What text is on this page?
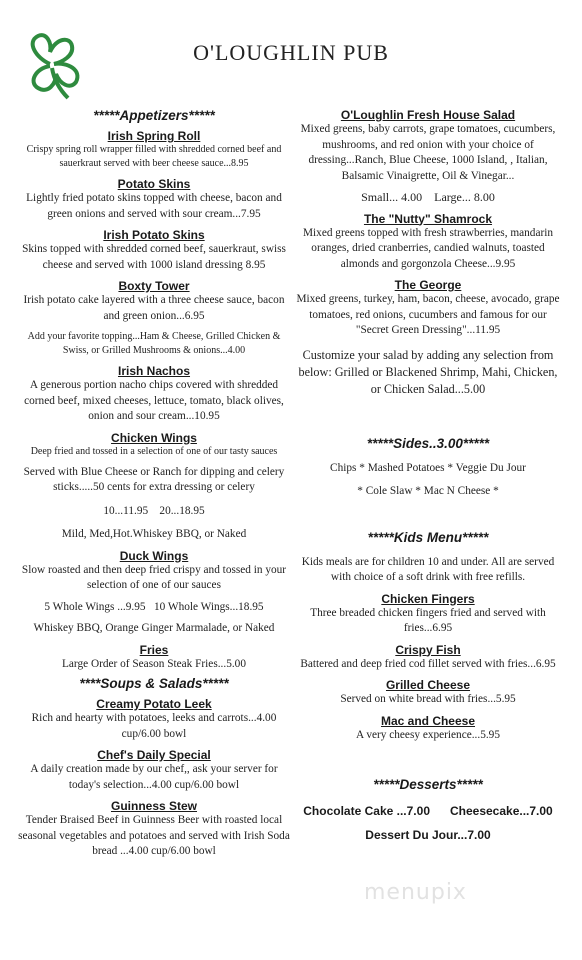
O'LOUGHLIN PUB
*****Appetizers*****
Irish Spring Roll
Crispy spring roll wrapper filled with shredded corned beef and sauerkraut served with beer cheese sauce...8.95
Potato Skins
Lightly fried potato skins topped with cheese, bacon and green onions and served with sour cream...7.95
Irish Potato Skins
Skins topped with shredded corned beef, sauerkraut, swiss cheese and served with 1000 island dressing 8.95
Boxty Tower
Irish potato cake layered with a three cheese sauce, bacon and green onion...6.95
Add your favorite topping...Ham & Cheese, Grilled Chicken & Swiss, or Grilled Mushrooms & onions...4.00
Irish Nachos
A generous portion nacho chips covered with shredded corned beef, mixed cheeses, lettuce, tomato, black olives, onion and sour cream...10.95
Chicken Wings
Deep fried and tossed in a selection of one of our tasty sauces
Served with Blue Cheese or Ranch for dipping and celery sticks.....50 cents for extra dressing or celery
10...11.95    20...18.95
Mild, Med,Hot.Whiskey BBQ, or Naked
Duck Wings
Slow roasted and then deep fried crispy and tossed in your selection of one of our sauces
5 Whole Wings ...9.95   10 Whole Wings...18.95
Whiskey BBQ, Orange Ginger Marmalade, or Naked
Fries
Large Order of Season Steak Fries...5.00
****Soups & Salads*****
Creamy Potato Leek
Rich and hearty with potatoes, leeks and carrots...4.00 cup/6.00 bowl
Chef's Daily Special
A daily creation made by our chef,, ask your server for today's selection...4.00 cup/6.00 bowl
Guinness Stew
Tender Braised Beef in Guinness Beer with roasted local seasonal vegetables and potatoes and served with Irish Soda bread ...4.00 cup/6.00 bowl
O'Loughlin Fresh House Salad
Mixed greens, baby carrots, grape tomatoes, cucumbers, mushrooms, and red onion with your choice of dressing...Ranch, Blue Cheese, 1000 Island, , Italian, Balsamic Vinaigrette, Oil & Vinegar...
Small... 4.00    Large... 8.00
The "Nutty" Shamrock
Mixed greens topped with fresh strawberries, mandarin oranges, dried cranberries, candied walnuts, toasted almonds and gorgonzola Cheese...9.95
The George
Mixed greens, turkey, ham, bacon, cheese, avocado, grape tomatoes, red onions, cucumbers and famous for our "Secret Green Dressing"...11.95
Customize your salad by adding any selection from below: Grilled or Blackened Shrimp, Mahi, Chicken, or Chicken Salad...5.00
*****Sides..3.00*****
Chips * Mashed Potatoes * Veggie Du Jour
* Cole Slaw * Mac N Cheese *
*****Kids Menu*****
Kids meals are for children 10 and under. All are served with choice of a soft drink with free refills.
Chicken Fingers
Three breaded chicken fingers fried and served with fries...6.95
Crispy Fish
Battered and deep fried cod fillet served with fries...6.95
Grilled Cheese
Served on white bread with fries...5.95
Mac and Cheese
A very cheesy experience...5.95
*****Desserts*****
Chocolate Cake ...7.00      Cheesecake...7.00
Dessert Du Jour...7.00
menupix
